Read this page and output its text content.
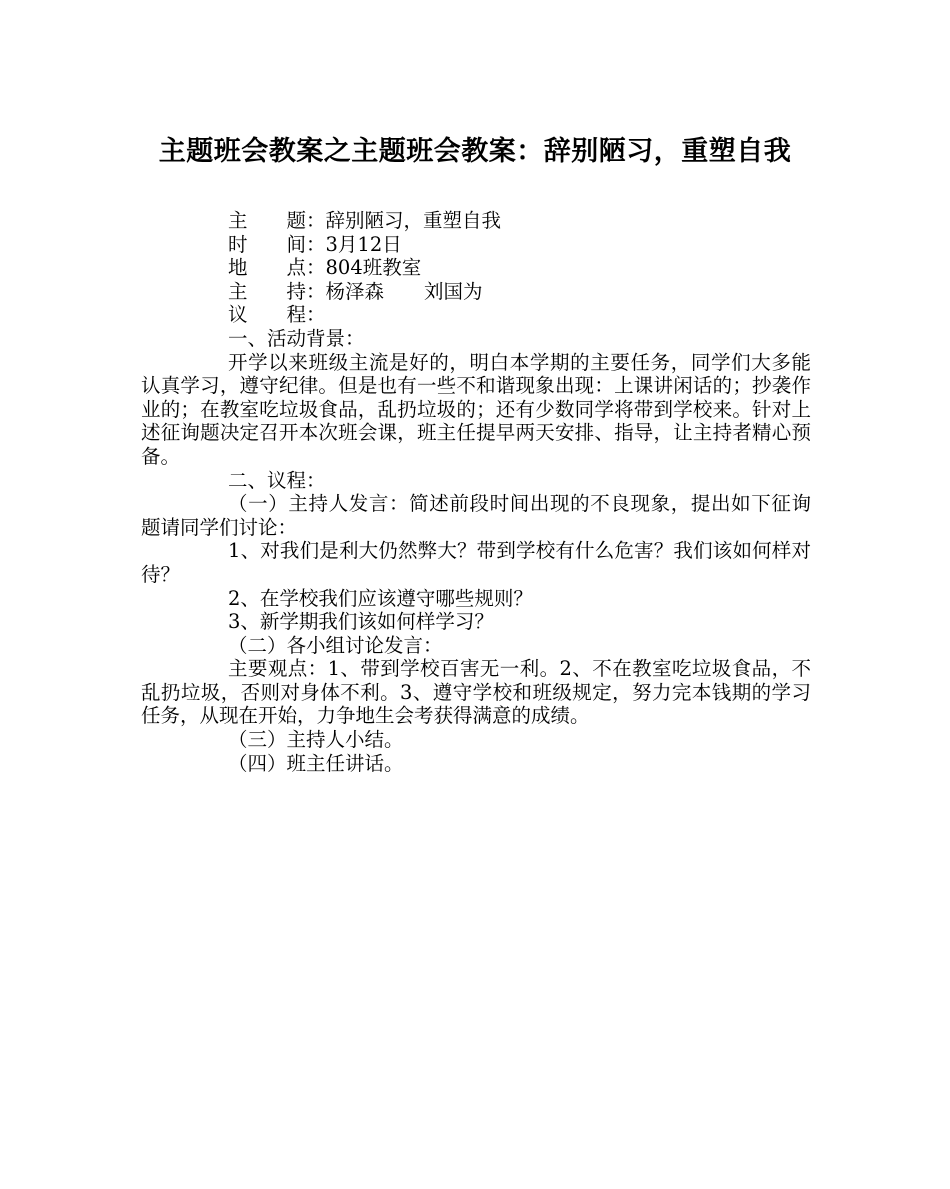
主题班会教案之主题班会教案：辞别陋习，重塑自我
主题：辞别陋习，重塑自我
时间：3月12日
地点：804班教室
主持：杨泽森 刘国为
议程：
一、活动背景：
开学以来班级主流是好的，明白本学期的主要任务，同学们大多能认真学习，遵守纪律。但是也有一些不和谐现象出现：上课讲闲话的；抄袭作业的；在教室吃垃圾食品，乱扔垃圾的；还有少数同学将带到学校来。针对上述征询题决定召开本次班会课，班主任提早两天安排、指导，让主持者精心预备。
二、议程：
（一）主持人发言：简述前段时间出现的不良现象，提出如下征询题请同学们讨论：
1、对我们是利大仍然弊大？带到学校有什么危害？我们该如何样对待？
2、在学校我们应该遵守哪些规则？
3、新学期我们该如何样学习？
（二）各小组讨论发言：
主要观点：1、带到学校百害无一利。2、不在教室吃垃圾食品，不乱扔垃圾，否则对身体不利。3、遵守学校和班级规定，努力完本钱期的学习任务，从现在开始，力争地生会考获得满意的成绩。
（三）主持人小结。
（四）班主任讲话。
